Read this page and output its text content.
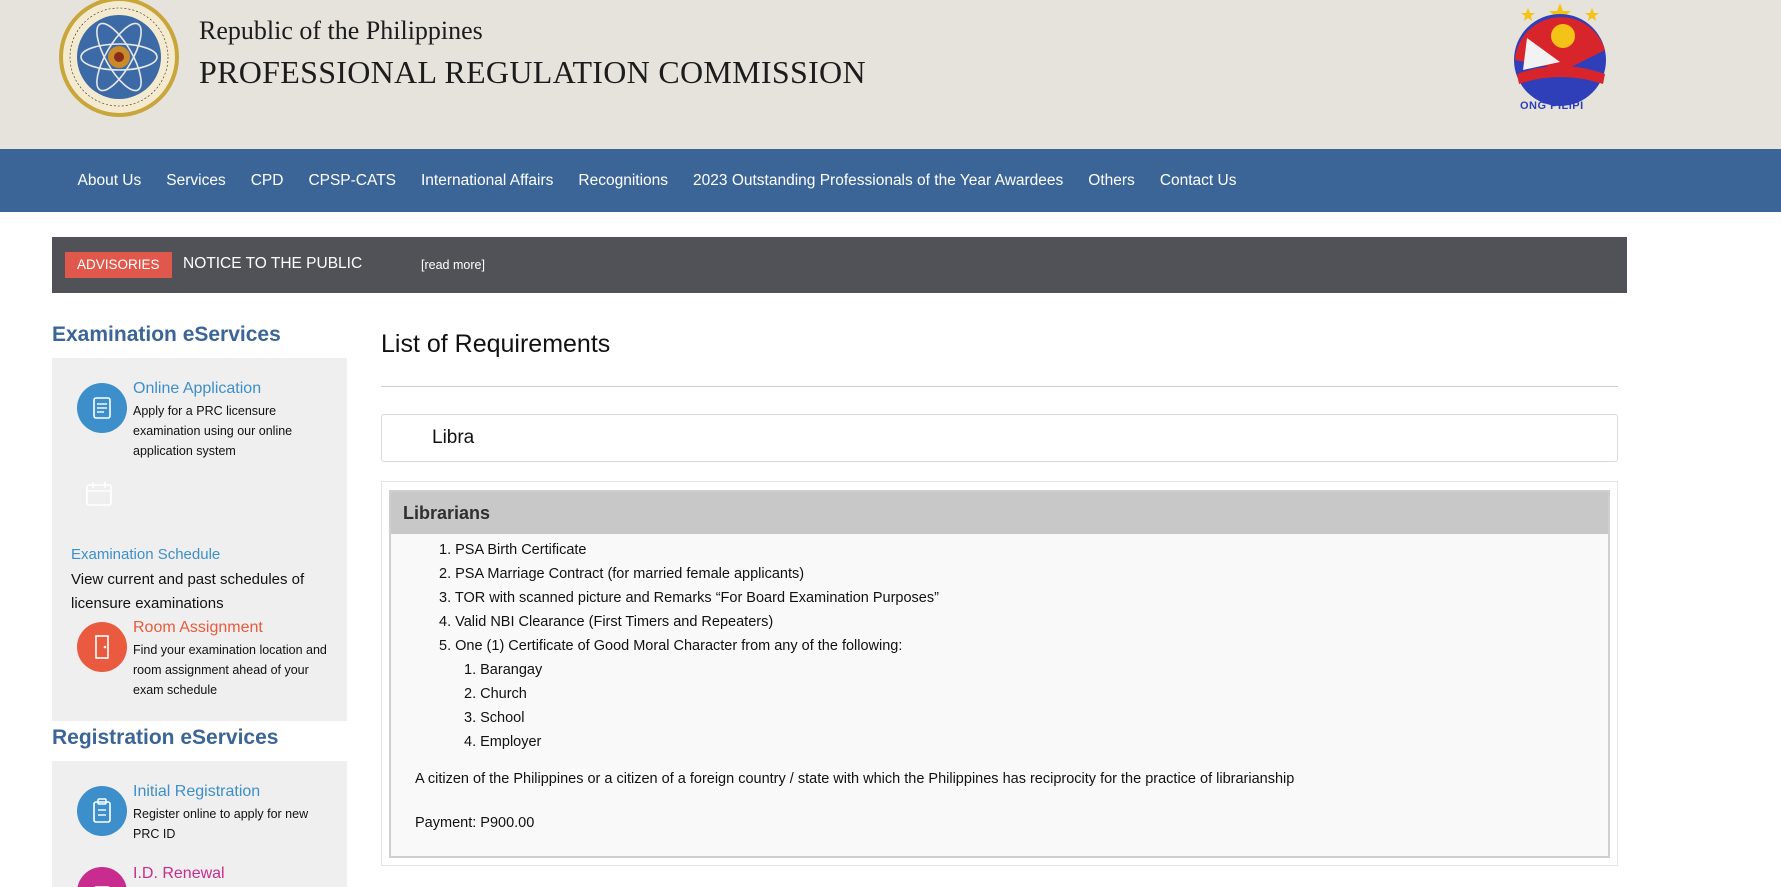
Republic of the Philippines
PROFESSIONAL REGULATION COMMISSION
ONG PILIPI
About Us	Services	CPD	CPSP-CATS	International Affairs	Recognitions	2023 Outstanding Professionals of the Year Awardees	Others	Contact Us
ADVISORIES	NOTICE TO THE PUBLIC	[read more]
Examination eServices
Online Application
Apply for a PRC licensure examination using our online application system
Examination Schedule
View current and past schedules of licensure examinations
Room Assignment
Find your examination location and room assignment ahead of your exam schedule
Registration eServices
Initial Registration
Register online to apply for new PRC ID
I.D. Renewal
List of Requirements
Libra
Librarians
1. PSA Birth Certificate
2. PSA Marriage Contract (for married female applicants)
3. TOR with scanned picture and Remarks “For Board Examination Purposes”
4. Valid NBI Clearance (First Timers and Repeaters)
5. One (1) Certificate of Good Moral Character from any of the following:
1. Barangay
2. Church
3. School
4. Employer
A citizen of the Philippines or a citizen of a foreign country / state with which the Philippines has reciprocity for the practice of librarianship
Payment: P900.00
